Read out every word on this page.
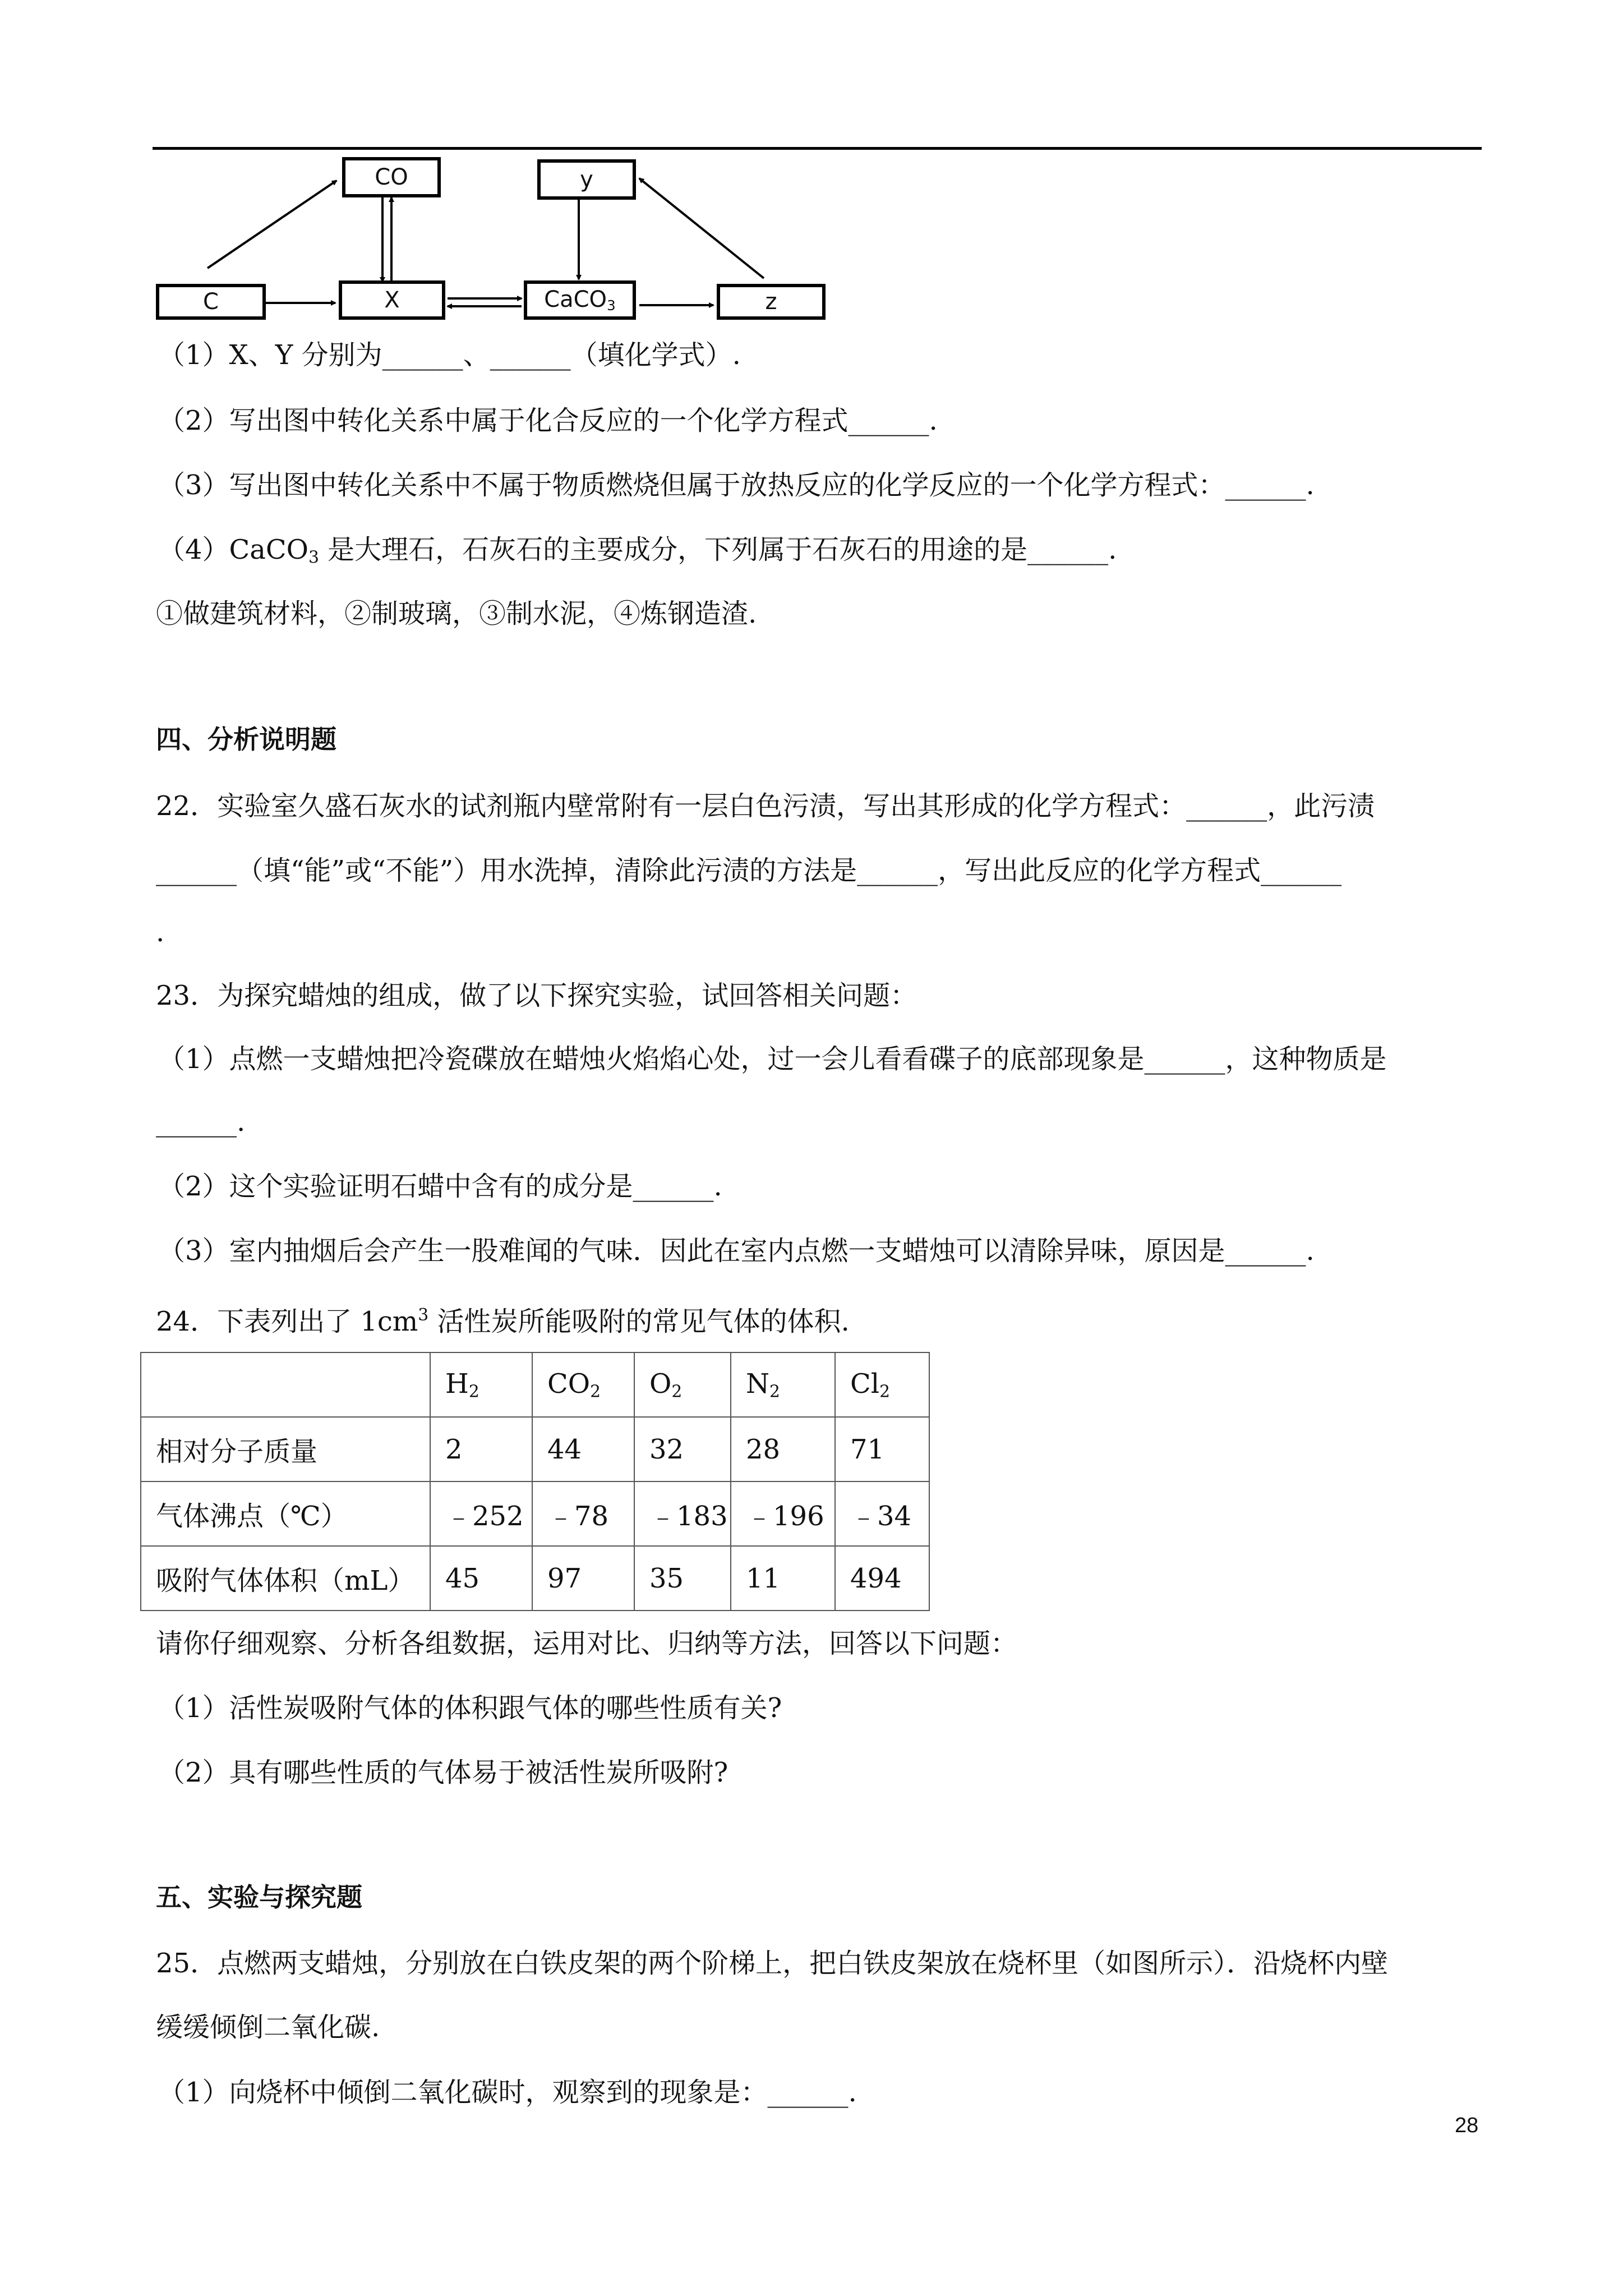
CO
C	X
y
CaCO$_3$	z
（1）X、Y 分别为______、______（填化学式）.
（2）写出图中转化关系中属于化合反应的一个化学方程式______.
（3）写出图中转化关系中不属于物质燃烧但属于放热反应的化学反应的一个化学方程式：______.
（4）CaCO$_3$ 是大理石，石灰石的主要成分，下列属于石灰石的用途的是______.
①做建筑材料，②制玻璃，③制水泥，④炼钢造渣.
四、分析说明题
22．实验室久盛石灰水的试剂瓶内壁常附有一层白色污渍，写出其形成的化学方程式：______，此污渍
______（填“能”或“不能”）用水洗掉，清除此污渍的方法是______，写出此反应的化学方程式______
.
23．为探究蜡烛的组成，做了以下探究实验，试回答相关问题：
（1）点燃一支蜡烛把冷瓷碟放在蜡烛火焰焰心处，过一会儿看看碟子的底部现象是______，这种物质是
______.
（2）这个实验证明石蜡中含有的成分是______.
（3）室内抽烟后会产生一股难闻的气味．因此在室内点燃一支蜡烛可以清除异味，原因是______.
24．下表列出了 $1cm^3$ 活性炭所能吸附的常见气体的体积.
	$H_2$	$CO_2$	$O_2$	$N_2$	$Cl_2$
相对分子质量	2	44	32	28	71
气体沸点（℃）	﹣252	﹣78	﹣183	﹣196	﹣34
吸附气体体积（mL）	45	97	35	11	494
请你仔细观察、分析各组数据，运用对比、归纳等方法，回答以下问题：
（1）活性炭吸附气体的体积跟气体的哪些性质有关?
（2）具有哪些性质的气体易于被活性炭所吸附?
五、实验与探究题
25．点燃两支蜡烛，分别放在白铁皮架的两个阶梯上，把白铁皮架放在烧杯里（如图所示）．沿烧杯内壁
缓缓倾倒二氧化碳.
（1）向烧杯中倾倒二氧化碳时，观察到的现象是：______.
28
